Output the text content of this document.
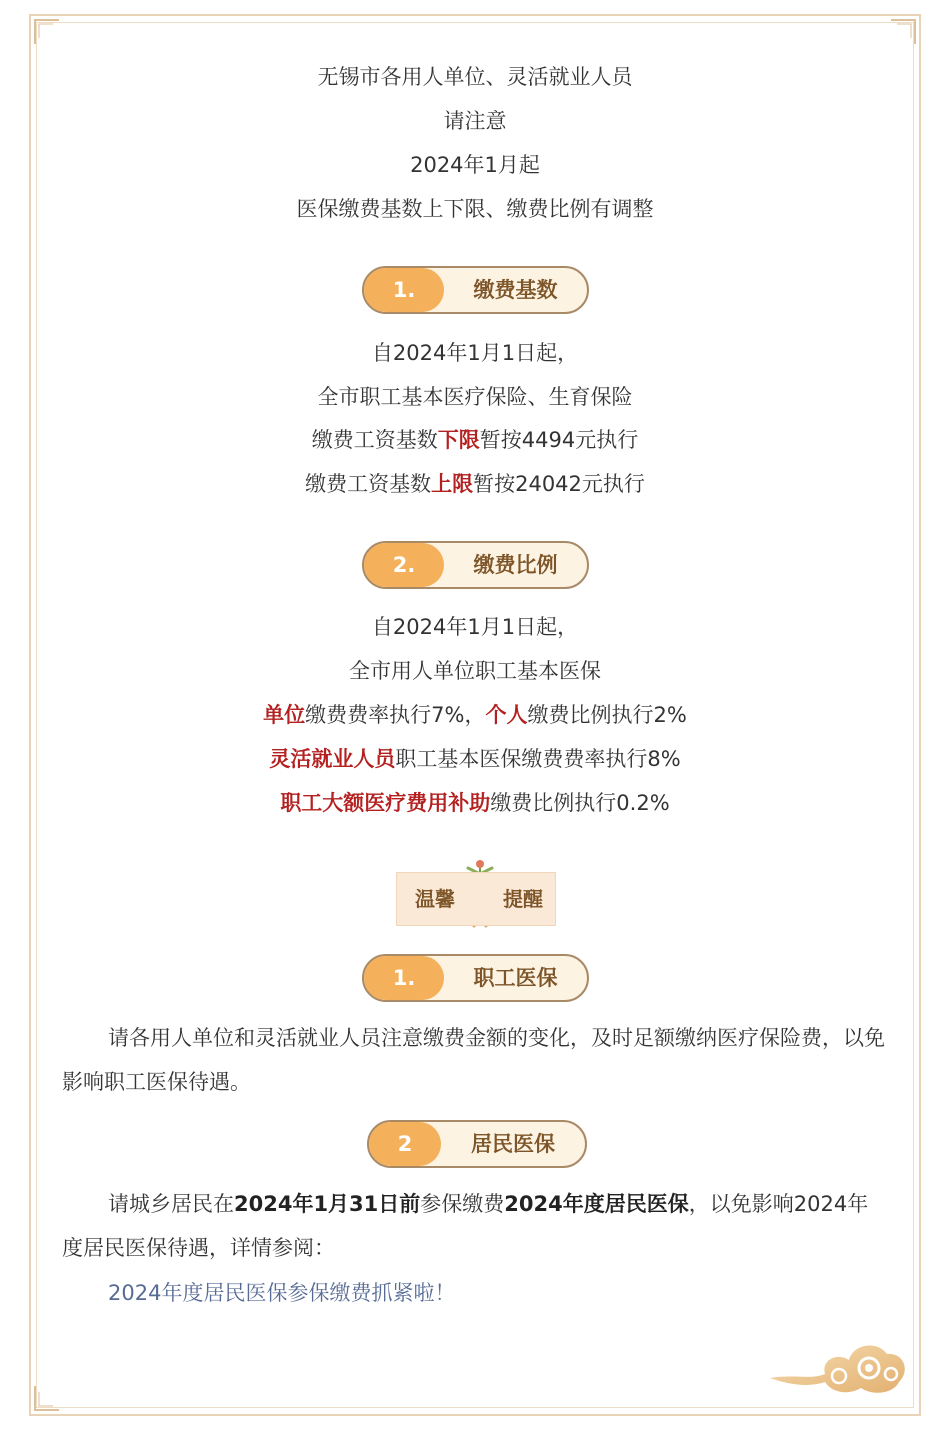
无锡市各用人单位、灵活就业人员
请注意
2024年1月起
医保缴费基数上下限、缴费比例有调整
1.	缴费基数
自2024年1月1日起，
全市职工基本医疗保险、生育保险
缴费工资基数下限暂按4494元执行
缴费工资基数上限暂按24042元执行
2.	缴费比例
自2024年1月1日起，
全市用人单位职工基本医保
单位缴费费率执行7%，个人缴费比例执行2%
灵活就业人员职工基本医保缴费费率执行8%
职工大额医疗费用补助缴费比例执行0.2%
温馨 提醒
1.	职工医保
请各用人单位和灵活就业人员注意缴费金额的变化，及时足额缴纳医疗保险费，以免影响职工医保待遇。
2	居民医保
请城乡居民在2024年1月31日前参保缴费2024年度居民医保，以免影响2024年度居民医保待遇，详情参阅：
2024年度居民医保参保缴费抓紧啦！
